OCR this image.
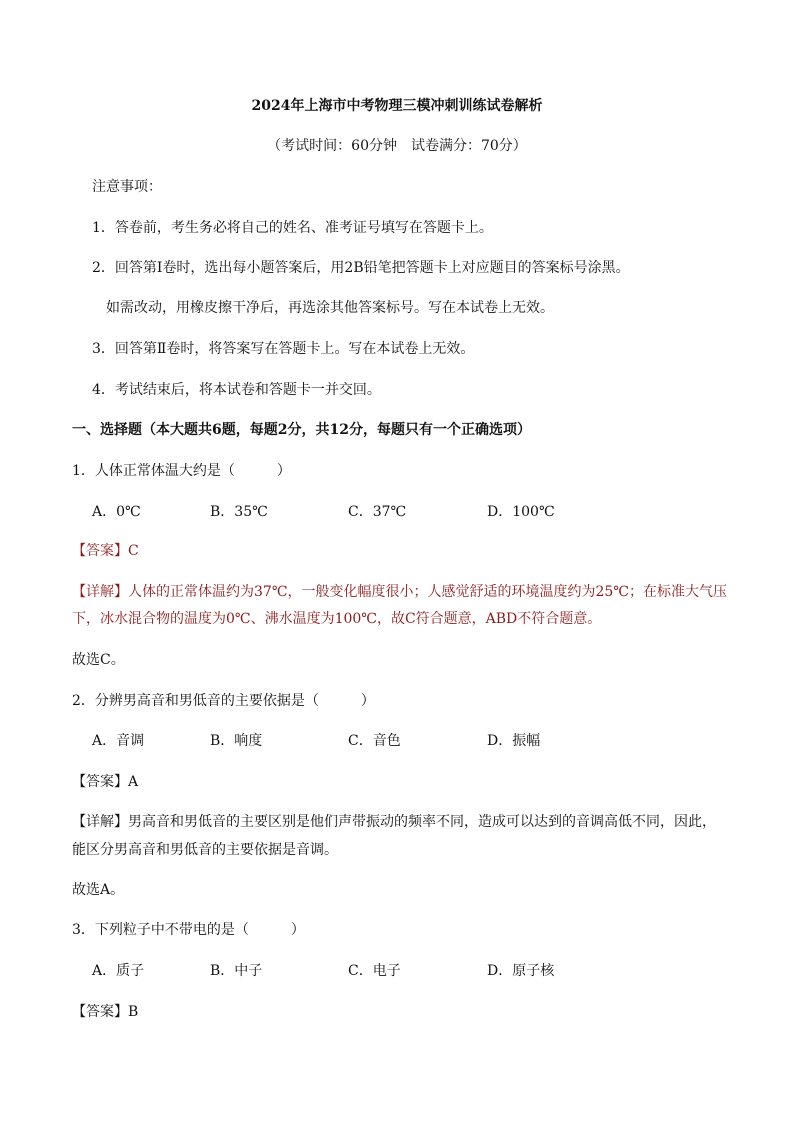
2024年上海市中考物理三模冲刺训练试卷解析
（考试时间：60分钟　试卷满分：70分）
注意事项：
1．答卷前，考生务必将自己的姓名、准考证号填写在答题卡上。
2．回答第Ⅰ卷时，选出每小题答案后，用2B铅笔把答题卡上对应题目的答案标号涂黑。
如需改动，用橡皮擦干净后，再选涂其他答案标号。写在本试卷上无效。
3．回答第Ⅱ卷时，将答案写在答题卡上。写在本试卷上无效。
4．考试结束后，将本试卷和答题卡一并交回。
一、选择题（本大题共6题，每题2分，共12分，每题只有一个正确选项）
1．人体正常体温大约是（　　　）
A．0℃	B．35℃	C．37℃	D．100℃
【答案】C
【详解】人体的正常体温约为37℃，一般变化幅度很小；人感觉舒适的环境温度约为25℃；在标准大气压
下，冰水混合物的温度为0℃、沸水温度为100℃，故C符合题意，ABD不符合题意。
故选C。
2．分辨男高音和男低音的主要依据是（　　　）
A．音调	B．响度	C．音色	D．振幅
【答案】A
【详解】男高音和男低音的主要区别是他们声带振动的频率不同，造成可以达到的音调高低不同，因此，
能区分男高音和男低音的主要依据是音调。
故选A。
3．下列粒子中不带电的是（　　　）
A．质子	B．中子	C．电子	D．原子核
【答案】B
